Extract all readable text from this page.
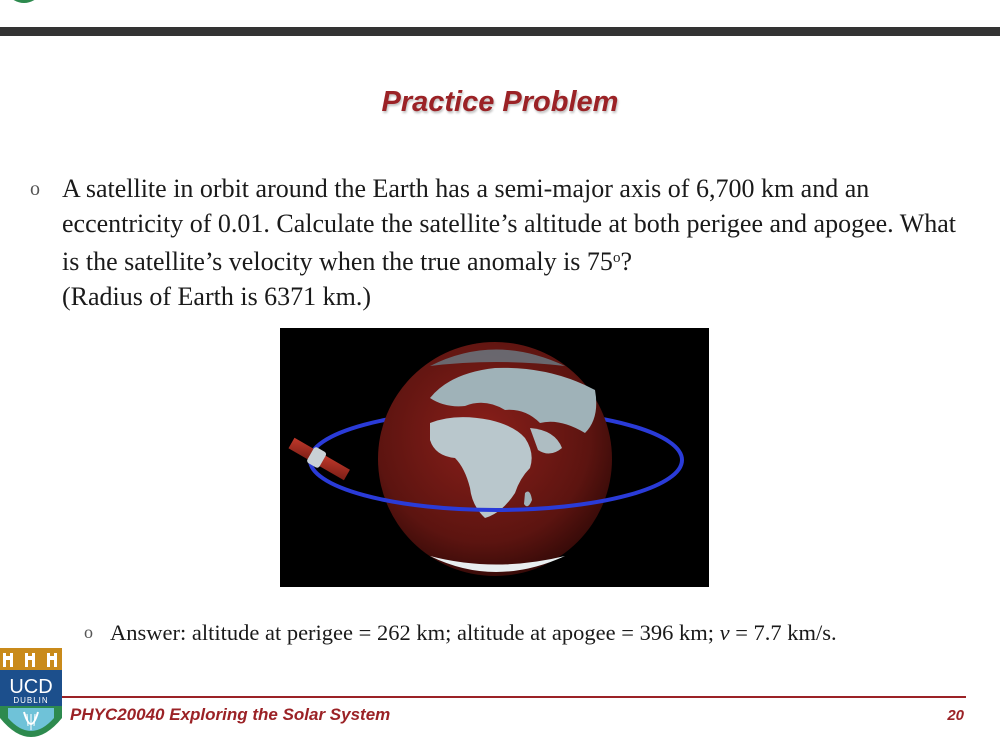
Practice Problem
o A satellite in orbit around the Earth has a semi-major axis of 6,700 km and an eccentricity of 0.01. Calculate the satellite’s altitude at both perigee and apogee. What is the satellite’s velocity when the true anomaly is 75$^o$?
(Radius of Earth is 6371 km.)
o Answer: altitude at perigee = 262 km; altitude at apogee = 396 km; v = 7.7 km/s.
UCD
DUBLIN
PHYC20040 Exploring the Solar System	20
